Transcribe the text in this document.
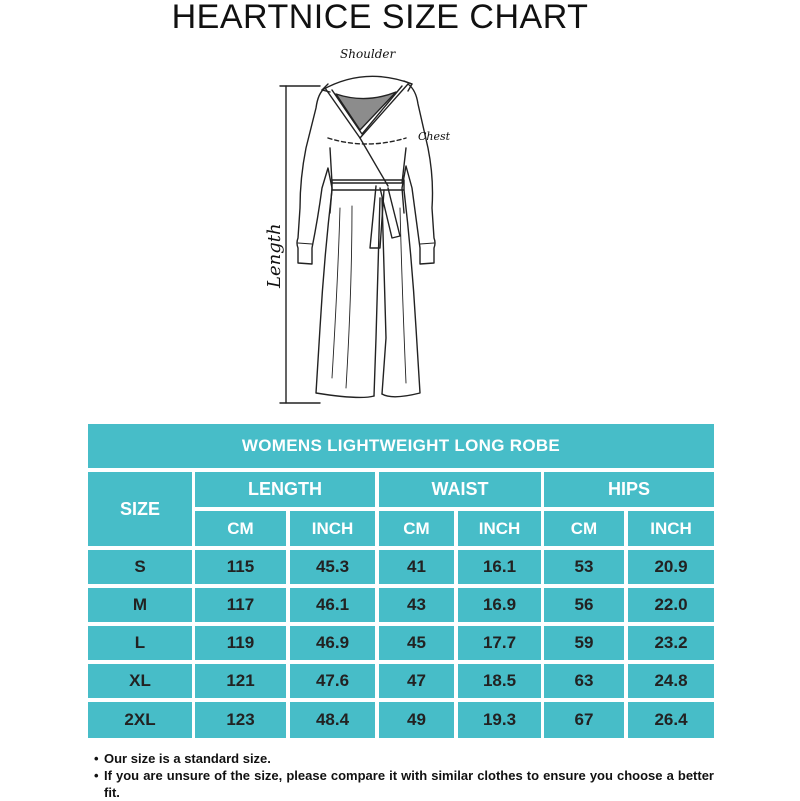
HEARTNICE SIZE CHART
Shoulder
Chest
Length
WOMENS LIGHTWEIGHT LONG ROBE
SIZE
LENGTH	WAIST	HIPS
CM	INCH	CM	INCH	CM	INCH
S	115	45.3	41	16.1	53	20.9
M	117	46.1	43	16.9	56	22.0
L	119	46.9	45	17.7	59	23.2
XL	121	47.6	47	18.5	63	24.8
2XL	123	48.4	49	19.3	67	26.4
• Our size is a standard size.
• If you are unsure of the size, please compare it with similar clothes to ensure you choose a better fit.
